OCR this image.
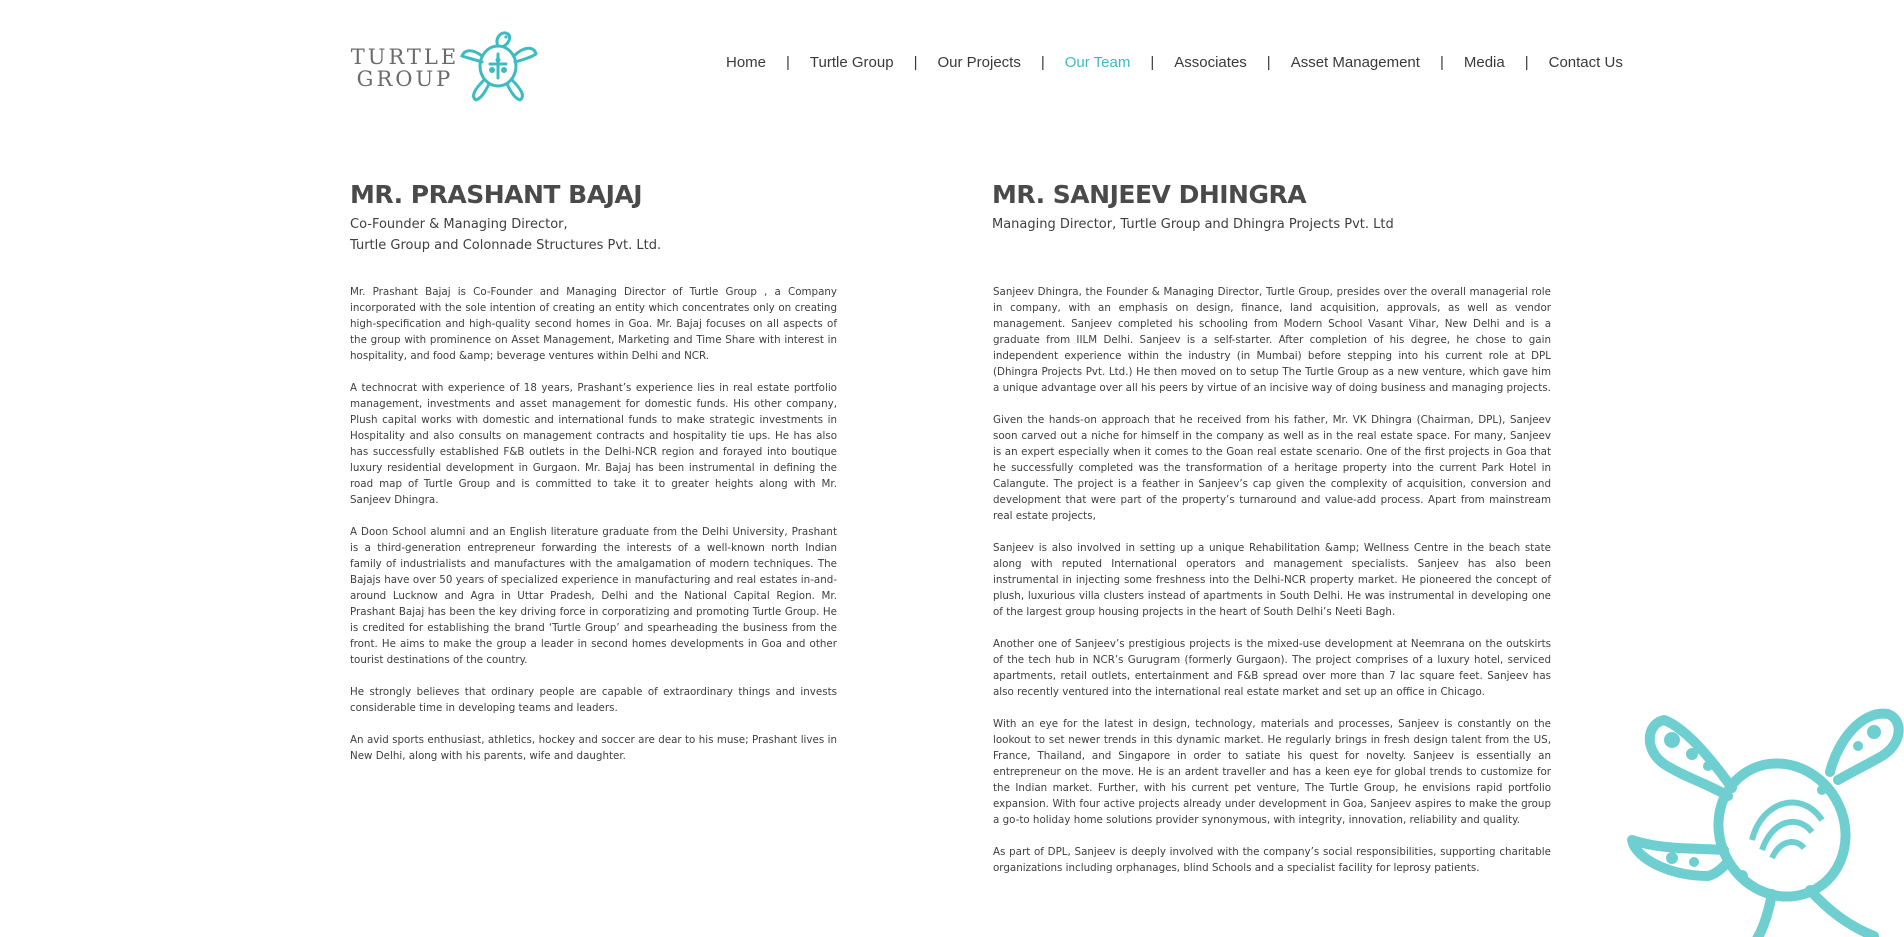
TURTLE
GROUP
Home | Turtle Group | Our Projects | Our Team | Associates | Asset Management | Media | Contact Us
MR. PRASHANT BAJAJ
Co-Founder & Managing Director,
Turtle Group and Colonnade Structures Pvt. Ltd.
MR. SANJEEV DHINGRA
Managing Director, Turtle Group and Dhingra Projects Pvt. Ltd

Mr. Prashant Bajaj is Co-Founder and Managing Director of Turtle Group , a Company incorporated with the sole intention of creating an entity which concentrates only on creating high-specification and high-quality second homes in Goa. Mr. Bajaj focuses on all aspects of the group with prominence on Asset Management, Marketing and Time Share with interest in hospitality, and food &amp; beverage ventures within Delhi and NCR.

A technocrat with experience of 18 years, Prashant’s experience lies in real estate portfolio management, investments and asset management for domestic funds. His other company, Plush capital works with domestic and international funds to make strategic investments in Hospitality and also consults on management contracts and hospitality tie ups. He has also has successfully established F&B outlets in the Delhi-NCR region and forayed into boutique luxury residential development in Gurgaon. Mr. Bajaj has been instrumental in defining the road map of Turtle Group and is committed to take it to greater heights along with Mr. Sanjeev Dhingra.

A Doon School alumni and an English literature graduate from the Delhi University, Prashant is a third-generation entrepreneur forwarding the interests of a well-known north Indian family of industrialists and manufactures with the amalgamation of modern techniques. The Bajajs have over 50 years of specialized experience in manufacturing and real estates in-and- around Lucknow and Agra in Uttar Pradesh, Delhi and the National Capital Region. Mr. Prashant Bajaj has been the key driving force in corporatizing and promoting Turtle Group. He is credited for establishing the brand ‘Turtle Group’ and spearheading the business from the front. He aims to make the group a leader in second homes developments in Goa and other tourist destinations of the country.

He strongly believes that ordinary people are capable of extraordinary things and invests considerable time in developing teams and leaders.

An avid sports enthusiast, athletics, hockey and soccer are dear to his muse; Prashant lives in New Delhi, along with his parents, wife and daughter.

Sanjeev Dhingra, the Founder & Managing Director, Turtle Group, presides over the overall managerial role in company, with an emphasis on design, finance, land acquisition, approvals, as well as vendor management. Sanjeev completed his schooling from Modern School Vasant Vihar, New Delhi and is a graduate from IILM Delhi. Sanjeev is a self-starter. After completion of his degree, he chose to gain independent experience within the industry (in Mumbai) before stepping into his current role at DPL (Dhingra Projects Pvt. Ltd.) He then moved on to setup The Turtle Group as a new venture, which gave him a unique advantage over all his peers by virtue of an incisive way of doing business and managing projects.

Given the hands-on approach that he received from his father, Mr. VK Dhingra (Chairman, DPL), Sanjeev soon carved out a niche for himself in the company as well as in the real estate space. For many, Sanjeev is an expert especially when it comes to the Goan real estate scenario. One of the first projects in Goa that he successfully completed was the transformation of a heritage property into the current Park Hotel in Calangute. The project is a feather in Sanjeev’s cap given the complexity of acquisition, conversion and development that were part of the property’s turnaround and value-add process. Apart from mainstream real estate projects,

Sanjeev is also involved in setting up a unique Rehabilitation &amp; Wellness Centre in the beach state along with reputed International operators and management specialists. Sanjeev has also been instrumental in injecting some freshness into the Delhi-NCR property market. He pioneered the concept of plush, luxurious villa clusters instead of apartments in South Delhi. He was instrumental in developing one of the largest group housing projects in the heart of South Delhi’s Neeti Bagh.

Another one of Sanjeev’s prestigious projects is the mixed-use development at Neemrana on the outskirts of the tech hub in NCR’s Gurugram (formerly Gurgaon). The project comprises of a luxury hotel, serviced apartments, retail outlets, entertainment and F&B spread over more than 7 lac square feet. Sanjeev has also recently ventured into the international real estate market and set up an office in Chicago.

With an eye for the latest in design, technology, materials and processes, Sanjeev is constantly on the lookout to set newer trends in this dynamic market. He regularly brings in fresh design talent from the US, France, Thailand, and Singapore in order to satiate his quest for novelty. Sanjeev is essentially an entrepreneur on the move. He is an ardent traveller and has a keen eye for global trends to customize for the Indian market. Further, with his current pet venture, The Turtle Group, he envisions rapid portfolio expansion. With four active projects already under development in Goa, Sanjeev aspires to make the group a go-to holiday home solutions provider synonymous, with integrity, innovation, reliability and quality.

As part of DPL, Sanjeev is deeply involved with the company’s social responsibilities, supporting charitable organizations including orphanages, blind Schools and a specialist facility for leprosy patients.
